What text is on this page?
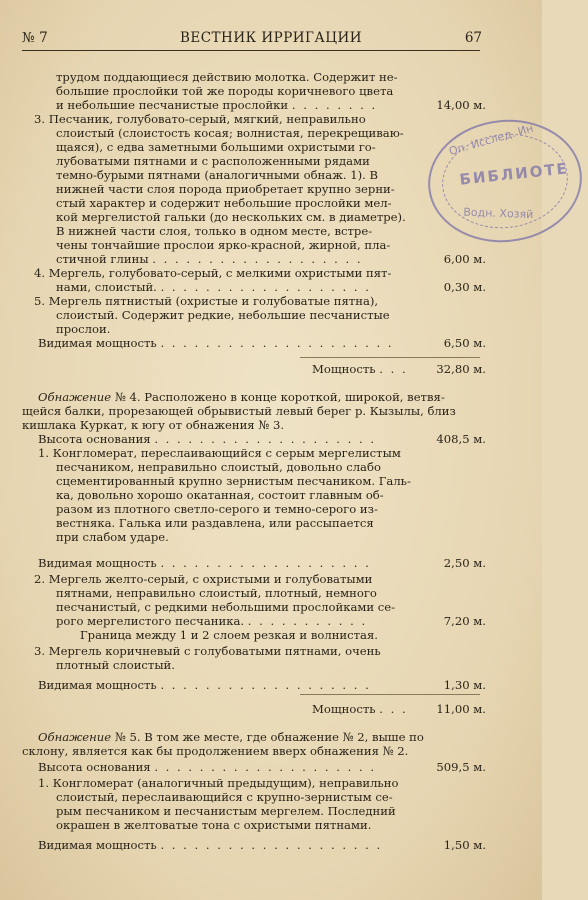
№ 7	ВЕСТНИК ИРРИГАЦИИ	67
Оп. Исслед. Ин
БИБЛИОТЕ
Водн. Хозяй
трудом поддающиеся действию молотка. Содержит не-
большие прослойки той же породы коричневого цвета
и небольшие песчанистые прослойки . . . . . . . .	14,00 м.
3. Песчаник, голубовато-серый, мягкий, неправильно
слоистый (слоистость косая; волнистая, перекрещиваю-
щаяся), с едва заметными большими охристыми го-
лубоватыми пятнами и с расположенными рядами
темно-бурыми пятнами (аналогичными обнаж. 1). В
нижней части слоя порода приобретает крупно зерни-
стый характер и содержит небольшие прослойки мел-
кой мергелистой гальки (до нескольких см. в диаметре).
В нижней части слоя, только в одном месте, встре-
чены тончайшие прослои ярко-красной, жирной, пла-
стичной глины . . . . . . . . . . . . . . . . . . .	6,00 м.
4. Мергель, голубовато-серый, с мелкими охристыми пят-
нами, слоистый. . . . . . . . . . . . . . . . . . . .	0,30 м.
5. Мергель пятнистый (охристые и голубоватые пятна),
слоистый. Содержит редкие, небольшие песчанистые
прослои.
Видимая мощность . . . . . . . . . . . . . . . . . . . . .	6,50 м.
Мощность . . . 32,80 м.
Обнажение № 4. Расположено в конце короткой, широкой, ветвя-
щейся балки, прорезающей обрывистый левый берег р. Кызылы, близ
кишлака Куркат, к югу от обнажения № 3.
Высота основания . . . . . . . . . . . . . . . . . . . .	408,5 м.
1. Конгломерат, переслаивающийся с серым мергелистым
песчаником, неправильно слоистый, довольно слабо
сцементированный крупно зернистым песчаником. Галь-
ка, довольно хорошо окатанная, состоит главным об-
разом из плотного светло-серого и темно-серого из-
вестняка. Галька или раздавлена, или рассыпается
при слабом ударе.
Видимая мощность . . . . . . . . . . . . . . . . . . .	2,50 м.
2. Мергель желто-серый, с охристыми и голубоватыми
пятнами, неправильно слоистый, плотный, немного
песчанистый, с редкими небольшими прослойками се-
рого мергелистого песчаника. . . . . . . . . . . .	7,20 м.
Граница между 1 и 2 слоем резкая и волнистая.
3. Мергель коричневый с голубоватыми пятнами, очень
плотный слоистый.
Видимая мощность . . . . . . . . . . . . . . . . . . .	1,30 м.
Мощность . . . 11,00 м.
Обнажение № 5. В том же месте, где обнажение № 2, выше по
склону, является как бы продолжением вверх обнажения № 2.
Высота основания . . . . . . . . . . . . . . . . . . . .	509,5 м.
1. Конгломерат (аналогичный предыдущим), неправильно
слоистый, переслаивающийся с крупно-зернистым се-
рым песчаником и песчанистым мергелем. Последний
окрашен в желтоватые тона с охристыми пятнами.
Видимая мощность . . . . . . . . . . . . . . . . . . . .	1,50 м.
